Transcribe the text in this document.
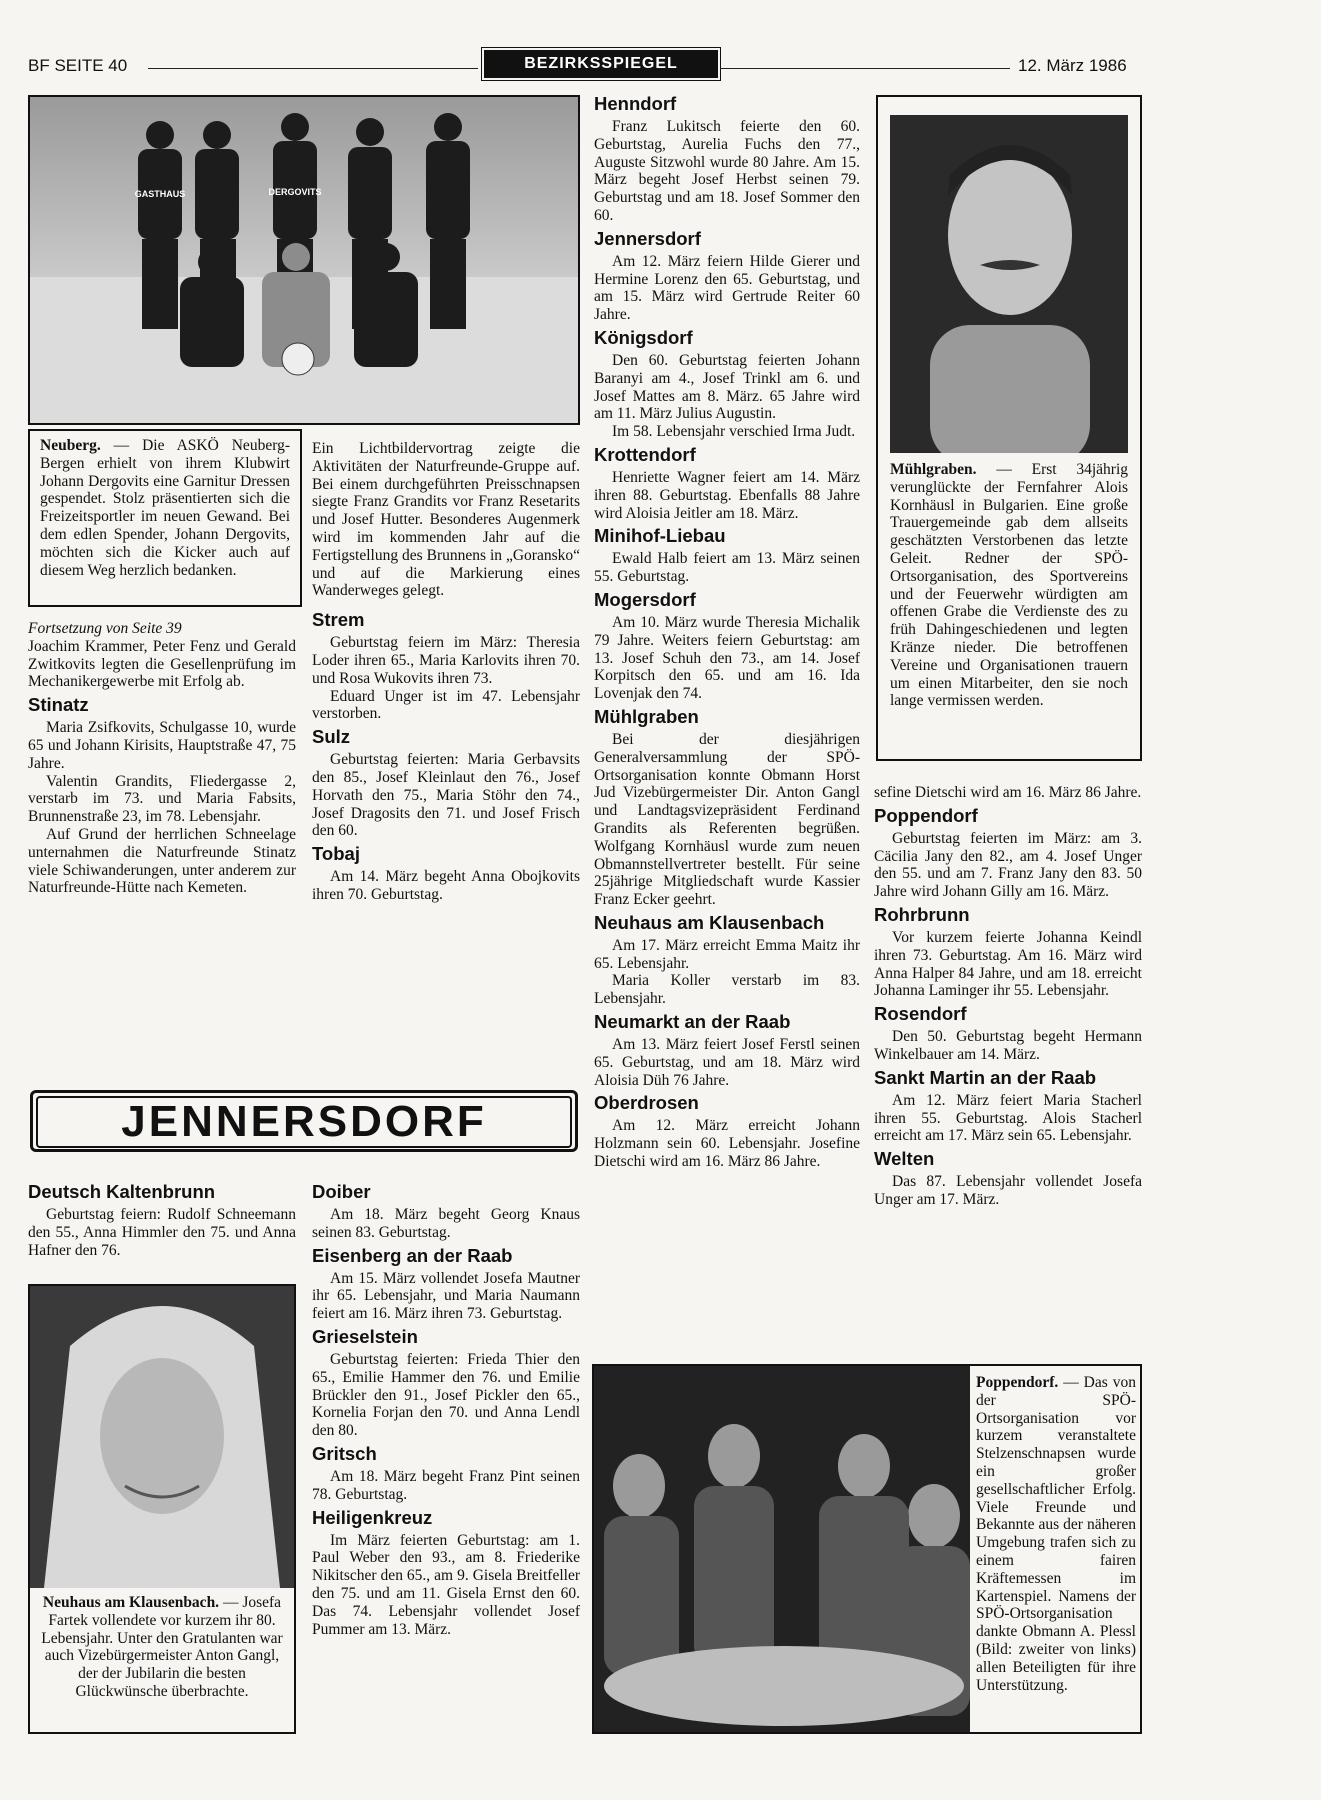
BF SEITE 40	BEZIRKSSPIEGEL	12. März 1986
GASTHAUS	DERGOVITS
Neuberg. — Die ASKÖ Neuberg-Bergen erhielt von ihrem Klubwirt Johann Dergovits eine Garnitur Dressen gespendet. Stolz präsentierten sich die Freizeitsportler im neuen Gewand. Bei dem edlen Spender, Johann Dergovits, möchten sich die Kicker auch auf diesem Weg herzlich bedanken.

Fortsetzung von Seite 39

Joachim Krammer, Peter Fenz und Gerald Zwitkovits legten die Gesellenprüfung im Mechanikergewerbe mit Erfolg ab.

Stinatz

Maria Zsifkovits, Schulgasse 10, wurde 65 und Johann Kirisits, Hauptstraße 47, 75 Jahre.

Valentin Grandits, Fliedergasse 2, verstarb im 73. und Maria Fabsits, Brunnenstraße 23, im 78. Lebensjahr.

Auf Grund der herrlichen Schneelage unternahmen die Naturfreunde Stinatz viele Schiwanderungen, unter anderem zur Naturfreunde-Hütte nach Kemeten.

Ein Lichtbildervortrag zeigte die Aktivitäten der Naturfreunde-Gruppe auf. Bei einem durchgeführten Preisschnapsen siegte Franz Grandits vor Franz Resetarits und Josef Hutter. Besonderes Augenmerk wird im kommenden Jahr auf die Fertigstellung des Brunnens in „Goransko“ und auf die Markierung eines Wanderweges gelegt.

Strem

Geburtstag feiern im März: Theresia Loder ihren 65., Maria Karlovits ihren 70. und Rosa Wukovits ihren 73.

Eduard Unger ist im 47. Lebensjahr verstorben.

Sulz

Geburtstag feierten: Maria Gerbavsits den 85., Josef Kleinlaut den 76., Josef Horvath den 75., Maria Stöhr den 74., Josef Dragosits den 71. und Josef Frisch den 60.

Tobaj

Am 14. März begeht Anna Obojkovits ihren 70. Geburtstag.

Henndorf

Franz Lukitsch feierte den 60. Geburtstag, Aurelia Fuchs den 77., Auguste Sitzwohl wurde 80 Jahre. Am 15. März begeht Josef Herbst seinen 79. Geburtstag und am 18. Josef Sommer den 60.

Jennersdorf

Am 12. März feiern Hilde Gierer und Hermine Lorenz den 65. Geburtstag, und am 15. März wird Gertrude Reiter 60 Jahre.

Königsdorf

Den 60. Geburtstag feierten Johann Baranyi am 4., Josef Trinkl am 6. und Josef Mattes am 8. März. 65 Jahre wird am 11. März Julius Augustin.

Im 58. Lebensjahr verschied Irma Judt.

Krottendorf

Henriette Wagner feiert am 14. März ihren 88. Geburtstag. Ebenfalls 88 Jahre wird Aloisia Jeitler am 18. März.

Minihof-Liebau

Ewald Halb feiert am 13. März seinen 55. Geburtstag.

Mogersdorf

Am 10. März wurde Theresia Michalik 79 Jahre. Weiters feiern Geburtstag: am 13. Josef Schuh den 73., am 14. Josef Korpitsch den 65. und am 16. Ida Lovenjak den 74.

Mühlgraben

Bei der diesjährigen Generalversammlung der SPÖ-Ortsorganisation konnte Obmann Horst Jud Vizebürgermeister Dir. Anton Gangl und Landtagsvizepräsident Ferdinand Grandits als Referenten begrüßen. Wolfgang Kornhäusl wurde zum neuen Obmannstellvertreter bestellt. Für seine 25jährige Mitgliedschaft wurde Kassier Franz Ecker geehrt.

Neuhaus am Klausenbach

Am 17. März erreicht Emma Maitz ihr 65. Lebensjahr.

Maria Koller verstarb im 83. Lebensjahr.

Neumarkt an der Raab

Am 13. März feiert Josef Ferstl seinen 65. Geburtstag, und am 18. März wird Aloisia Düh 76 Jahre.

Oberdrosen

Am 12. März erreicht Johann Holzmann sein 60. Lebensjahr. Josefine Dietschi wird am 16. März 86 Jahre.

Mühlgraben. — Erst 34jährig verunglückte der Fernfahrer Alois Kornhäusl in Bulgarien. Eine große Trauergemeinde gab dem allseits geschätzten Verstorbenen das letzte Geleit. Redner der SPÖ-Ortsorganisation, des Sportvereins und der Feuerwehr würdigten am offenen Grabe die Verdienste des zu früh Dahingeschiedenen und legten Kränze nieder. Die betroffenen Vereine und Organisationen trauern um einen Mitarbeiter, den sie noch lange vermissen werden.

sefine Dietschi wird am 16. März 86 Jahre.

Poppendorf

Geburtstag feierten im März: am 3. Cäcilia Jany den 82., am 4. Josef Unger den 55. und am 7. Franz Jany den 83. 50 Jahre wird Johann Gilly am 16. März.

Rohrbrunn

Vor kurzem feierte Johanna Keindl ihren 73. Geburtstag. Am 16. März wird Anna Halper 84 Jahre, und am 18. erreicht Johanna Laminger ihr 55. Lebensjahr.

Rosendorf

Den 50. Geburtstag begeht Hermann Winkelbauer am 14. März.

Sankt Martin an der Raab

Am 12. März feiert Maria Stacherl ihren 55. Geburtstag. Alois Stacherl erreicht am 17. März sein 65. Lebensjahr.

Welten

Das 87. Lebensjahr vollendet Josefa Unger am 17. März.

JENNERSDORF
Deutsch Kaltenbrunn

Geburtstag feiern: Rudolf Schneemann den 55., Anna Himmler den 75. und Anna Hafner den 76.

Neuhaus am Klausenbach. — Josefa Fartek vollendete vor kurzem ihr 80. Lebensjahr. Unter den Gratulanten war auch Vizebürgermeister Anton Gangl, der der Jubilarin die besten Glückwünsche überbrachte.
Doiber

Am 18. März begeht Georg Knaus seinen 83. Geburtstag.

Eisenberg an der Raab

Am 15. März vollendet Josefa Mautner ihr 65. Lebensjahr, und Maria Naumann feiert am 16. März ihren 73. Geburtstag.

Grieselstein

Geburtstag feierten: Frieda Thier den 65., Emilie Hammer den 76. und Emilie Brückler den 91., Josef Pickler den 65., Kornelia Forjan den 70. und Anna Lendl den 80.

Gritsch

Am 18. März begeht Franz Pint seinen 78. Geburtstag.

Heiligenkreuz

Im März feierten Geburtstag: am 1. Paul Weber den 93., am 8. Friederike Nikitscher den 65., am 9. Gisela Breitfeller den 75. und am 11. Gisela Ernst den 60. Das 74. Lebensjahr vollendet Josef Pummer am 13. März.

Poppendorf. — Das von der SPÖ-Ortsorganisation vor kurzem veranstaltete Stelzenschnapsen wurde ein großer gesellschaftlicher Erfolg. Viele Freunde und Bekannte aus der näheren Umgebung trafen sich zu einem fairen Kräftemessen im Kartenspiel. Namens der SPÖ-Ortsorganisation dankte Obmann A. Plessl (Bild: zweiter von links) allen Beteiligten für ihre Unterstützung.
